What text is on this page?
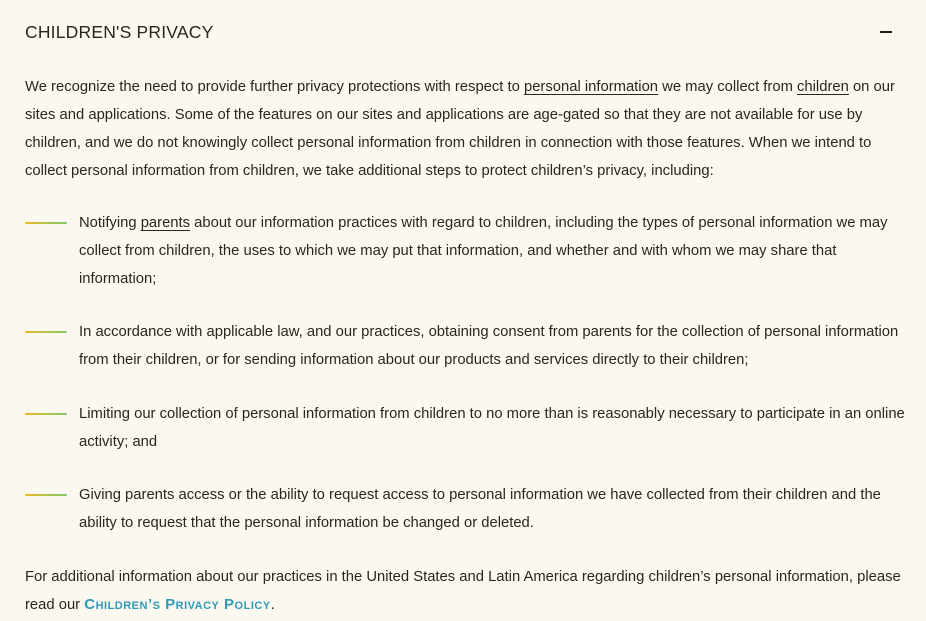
CHILDREN'S PRIVACY

We recognize the need to provide further privacy protections with respect to personal information we may collect from children on our sites and applications. Some of the features on our sites and applications are age-gated so that they are not available for use by children, and we do not knowingly collect personal information from children in connection with those features. When we intend to collect personal information from children, we take additional steps to protect children’s privacy, including:

Notifying parents about our information practices with regard to children, including the types of personal information we may collect from children, the uses to which we may put that information, and whether and with whom we may share that information;
In accordance with applicable law, and our practices, obtaining consent from parents for the collection of personal information from their children, or for sending information about our products and services directly to their children;
Limiting our collection of personal information from children to no more than is reasonably necessary to participate in an online activity; and
Giving parents access or the ability to request access to personal information we have collected from their children and the ability to request that the personal information be changed or deleted.

For additional information about our practices in the United States and Latin America regarding children’s personal information, please read our Children’s Privacy Policy.
